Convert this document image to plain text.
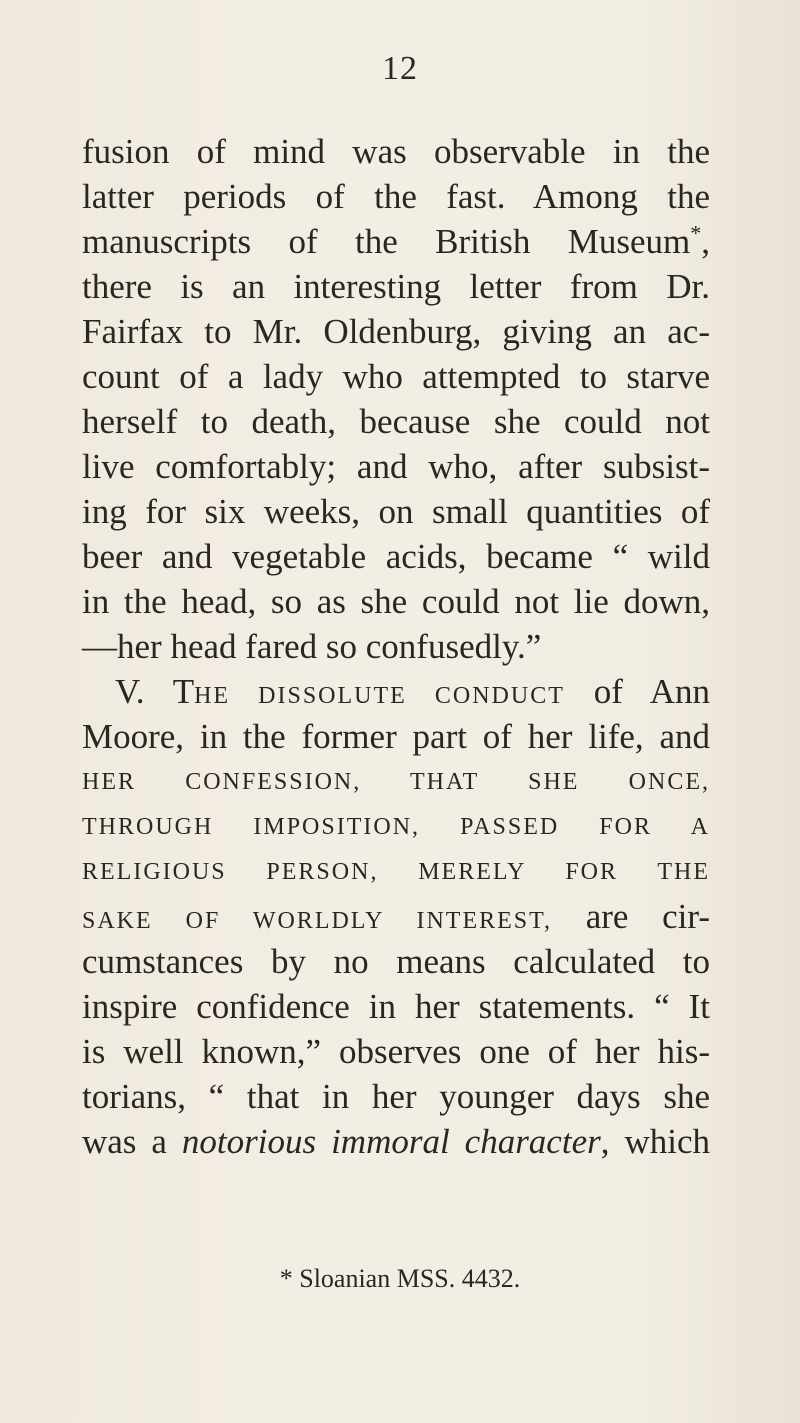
12
fusion of mind was observable in the
latter periods of the fast. Among the
manuscripts of the British Museum*,
there is an interesting letter from Dr.
Fairfax to Mr. Oldenburg, giving an ac-
count of a lady who attempted to starve
herself to death, because she could not
live comfortably; and who, after subsist-
ing for six weeks, on small quantities of
beer and vegetable acids, became “ wild
in the head, so as she could not lie down,
—her head fared so confusedly.”
V. THE DISSOLUTE CONDUCT of Ann
Moore, in the former part of her life, and
HER CONFESSION, THAT SHE ONCE,
THROUGH IMPOSITION, PASSED FOR A
RELIGIOUS PERSON, MERELY FOR THE
SAKE OF WORLDLY INTEREST, are cir-
cumstances by no means calculated to
inspire confidence in her statements. “ It
is well known,” observes one of her his-
torians, “ that in her younger days she
was a notorious immoral character, which
* Sloanian MSS. 4432.
